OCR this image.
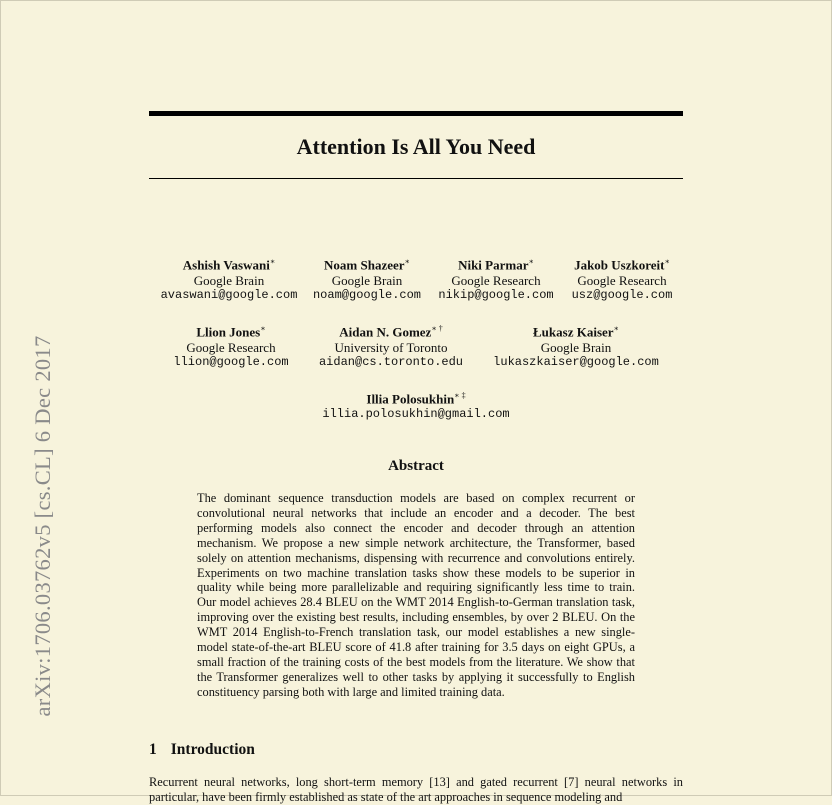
arXiv:1706.03762v5 [cs.CL] 6 Dec 2017
Attention Is All You Need
Ashish Vaswani∗
Google Brain
avaswani@google.com
Noam Shazeer∗
Google Brain
noam@google.com
Niki Parmar∗
Google Research
nikip@google.com
Jakob Uszkoreit∗
Google Research
usz@google.com
Llion Jones∗
Google Research
llion@google.com
Aidan N. Gomez∗ †
University of Toronto
aidan@cs.toronto.edu
Łukasz Kaiser∗
Google Brain
lukaszkaiser@google.com
Illia Polosukhin∗ ‡
illia.polosukhin@gmail.com
Abstract
The dominant sequence transduction models are based on complex recurrent or convolutional neural networks that include an encoder and a decoder. The best performing models also connect the encoder and decoder through an attention mechanism. We propose a new simple network architecture, the Transformer, based solely on attention mechanisms, dispensing with recurrence and convolutions entirely. Experiments on two machine translation tasks show these models to be superior in quality while being more parallelizable and requiring significantly less time to train. Our model achieves 28.4 BLEU on the WMT 2014 English-to-German translation task, improving over the existing best results, including ensembles, by over 2 BLEU. On the WMT 2014 English-to-French translation task, our model establishes a new single-model state-of-the-art BLEU score of 41.8 after training for 3.5 days on eight GPUs, a small fraction of the training costs of the best models from the literature. We show that the Transformer generalizes well to other tasks by applying it successfully to English constituency parsing both with large and limited training data.
1 Introduction
Recurrent neural networks, long short-term memory [13] and gated recurrent [7] neural networks in particular, have been firmly established as state of the art approaches in sequence modeling and
